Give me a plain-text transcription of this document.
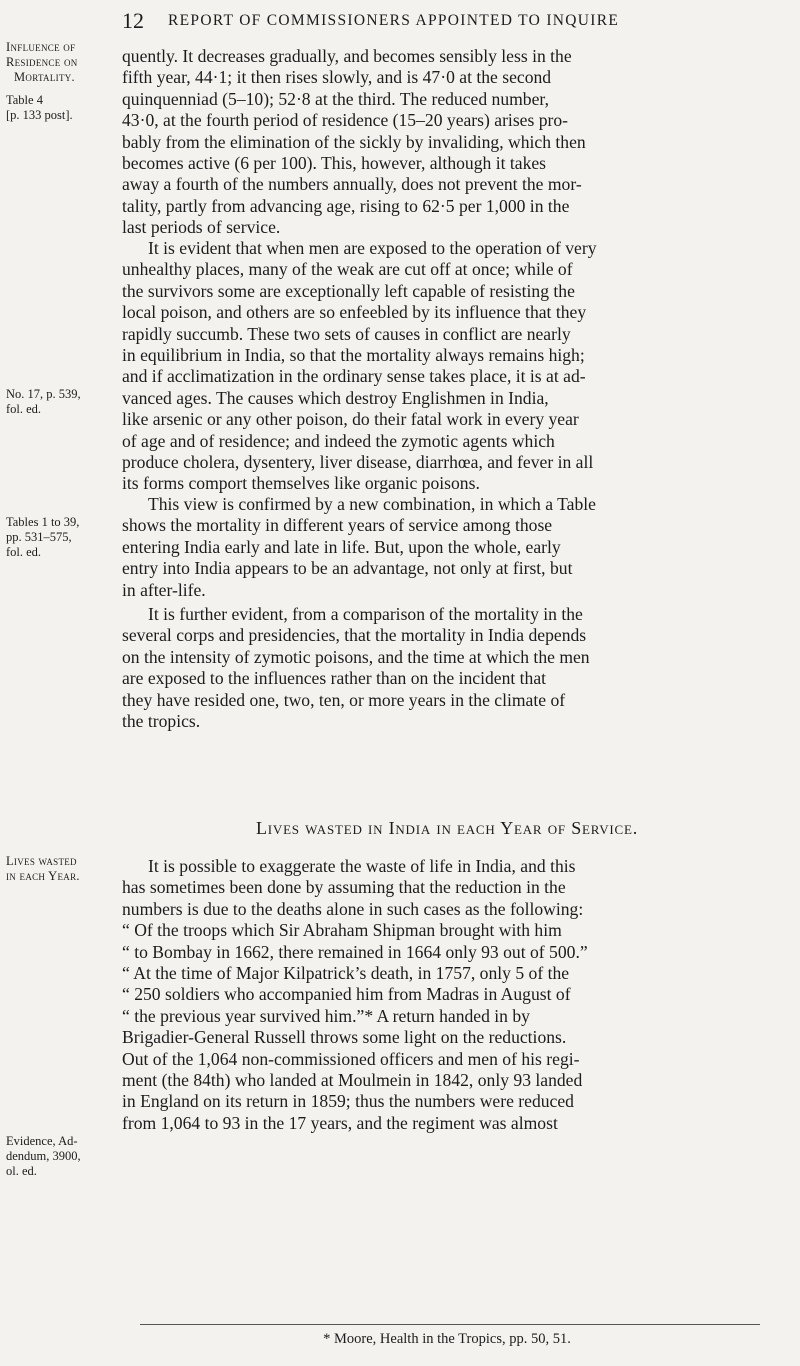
12 REPORT OF COMMISSIONERS APPOINTED TO INQUIRE
Influence of
Residence on
Mortality.
Table 4
[p. 133 post].
No. 17, p. 539,
fol. ed.
Tables 1 to 39,
pp. 531–575,
fol. ed.
Lives wasted
in each Year.
Evidence, Ad-
dendum, 3900,
ol. ed.
quently. It decreases gradually, and becomes sensibly less in the
fifth year, 44·1; it then rises slowly, and is 47·0 at the second
quinquenniad (5–10); 52·8 at the third. The reduced number,
43·0, at the fourth period of residence (15–20 years) arises pro-
bably from the elimination of the sickly by invaliding, which then
becomes active (6 per 100). This, however, although it takes
away a fourth of the numbers annually, does not prevent the mor-
tality, partly from advancing age, rising to 62·5 per 1,000 in the
last periods of service.
It is evident that when men are exposed to the operation of very
unhealthy places, many of the weak are cut off at once; while of
the survivors some are exceptionally left capable of resisting the
local poison, and others are so enfeebled by its influence that they
rapidly succumb. These two sets of causes in conflict are nearly
in equilibrium in India, so that the mortality always remains high;
and if acclimatization in the ordinary sense takes place, it is at ad-
vanced ages. The causes which destroy Englishmen in India,
like arsenic or any other poison, do their fatal work in every year
of age and of residence; and indeed the zymotic agents which
produce cholera, dysentery, liver disease, diarrhœa, and fever in all
its forms comport themselves like organic poisons.
This view is confirmed by a new combination, in which a Table
shows the mortality in different years of service among those
entering India early and late in life. But, upon the whole, early
entry into India appears to be an advantage, not only at first, but
in after-life.
It is further evident, from a comparison of the mortality in the
several corps and presidencies, that the mortality in India depends
on the intensity of zymotic poisons, and the time at which the men
are exposed to the influences rather than on the incident that
they have resided one, two, ten, or more years in the climate of
the tropics.
Lives wasted in India in each Year of Service.
It is possible to exaggerate the waste of life in India, and this
has sometimes been done by assuming that the reduction in the
numbers is due to the deaths alone in such cases as the following:
“ Of the troops which Sir Abraham Shipman brought with him
“ to Bombay in 1662, there remained in 1664 only 93 out of 500.”
“ At the time of Major Kilpatrick’s death, in 1757, only 5 of the
“ 250 soldiers who accompanied him from Madras in August of
“ the previous year survived him.”* A return handed in by
Brigadier-General Russell throws some light on the reductions.
Out of the 1,064 non-commissioned officers and men of his regi-
ment (the 84th) who landed at Moulmein in 1842, only 93 landed
in England on its return in 1859; thus the numbers were reduced
from 1,064 to 93 in the 17 years, and the regiment was almost
* Moore, Health in the Tropics, pp. 50, 51.
